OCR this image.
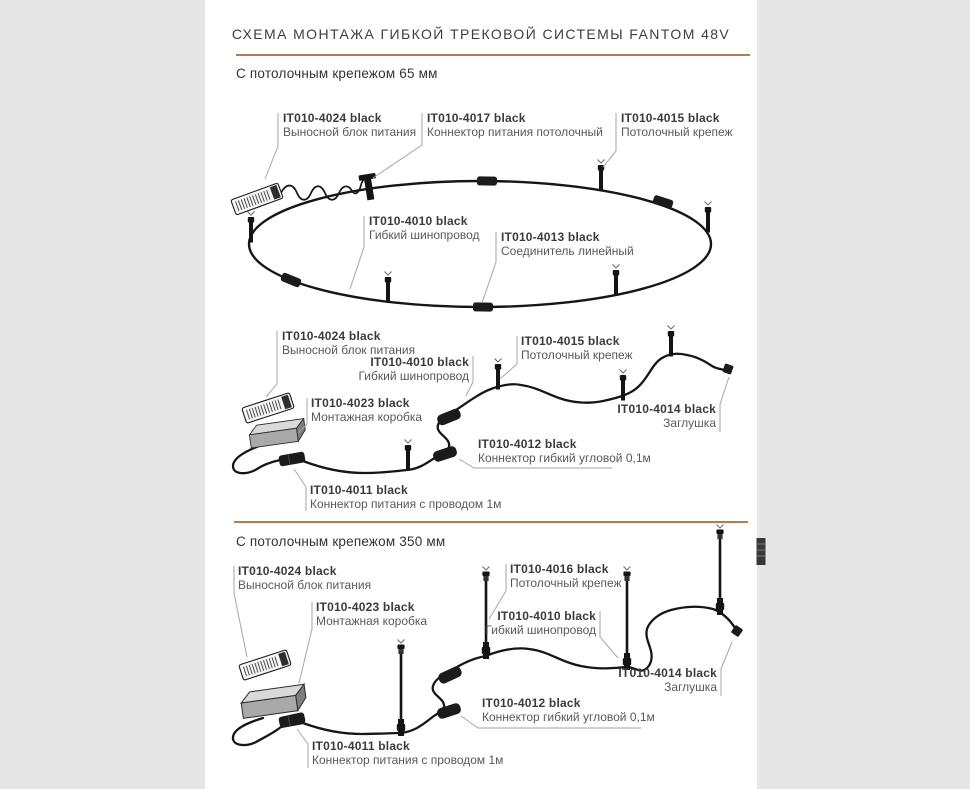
СХЕМА МОНТАЖА ГИБКОЙ ТРЕКОВОЙ СИСТЕМЫ FANTOM 48V
С потолочным крепежом 65 мм
С потолочным крепежом 350 мм
IT010-4024 black
Выносной блок питания
IT010-4017 black
Коннектор питания потолочный
IT010-4015 black
Потолочный крепеж
IT010-4010 black
Гибкий шинопровод IT010-4013 black
Соединитель линейный
IT010-4024 black
Выносной блок питания
IT010-4010 black
Гибкий шинопровод
IT010-4015 black
Потолочный крепеж
IT010-4023 black
Монтажная коробка
IT010-4012 black
Коннектор гибкий угловой 0,1м
IT010-4014 black
Заглушка
IT010-4011 black
Коннектор питания с проводом 1м
IT010-4024 black
Выносной блок питания
IT010-4023 black
Монтажная коробка
IT010-4016 black
Потолочный крепеж
IT010-4010 black
Гибкий шинопровод
IT010-4012 black
Коннектор гибкий угловой 0,1м
IT010-4014 black
Заглушка
IT010-4011 black
Коннектор питания с проводом 1м
